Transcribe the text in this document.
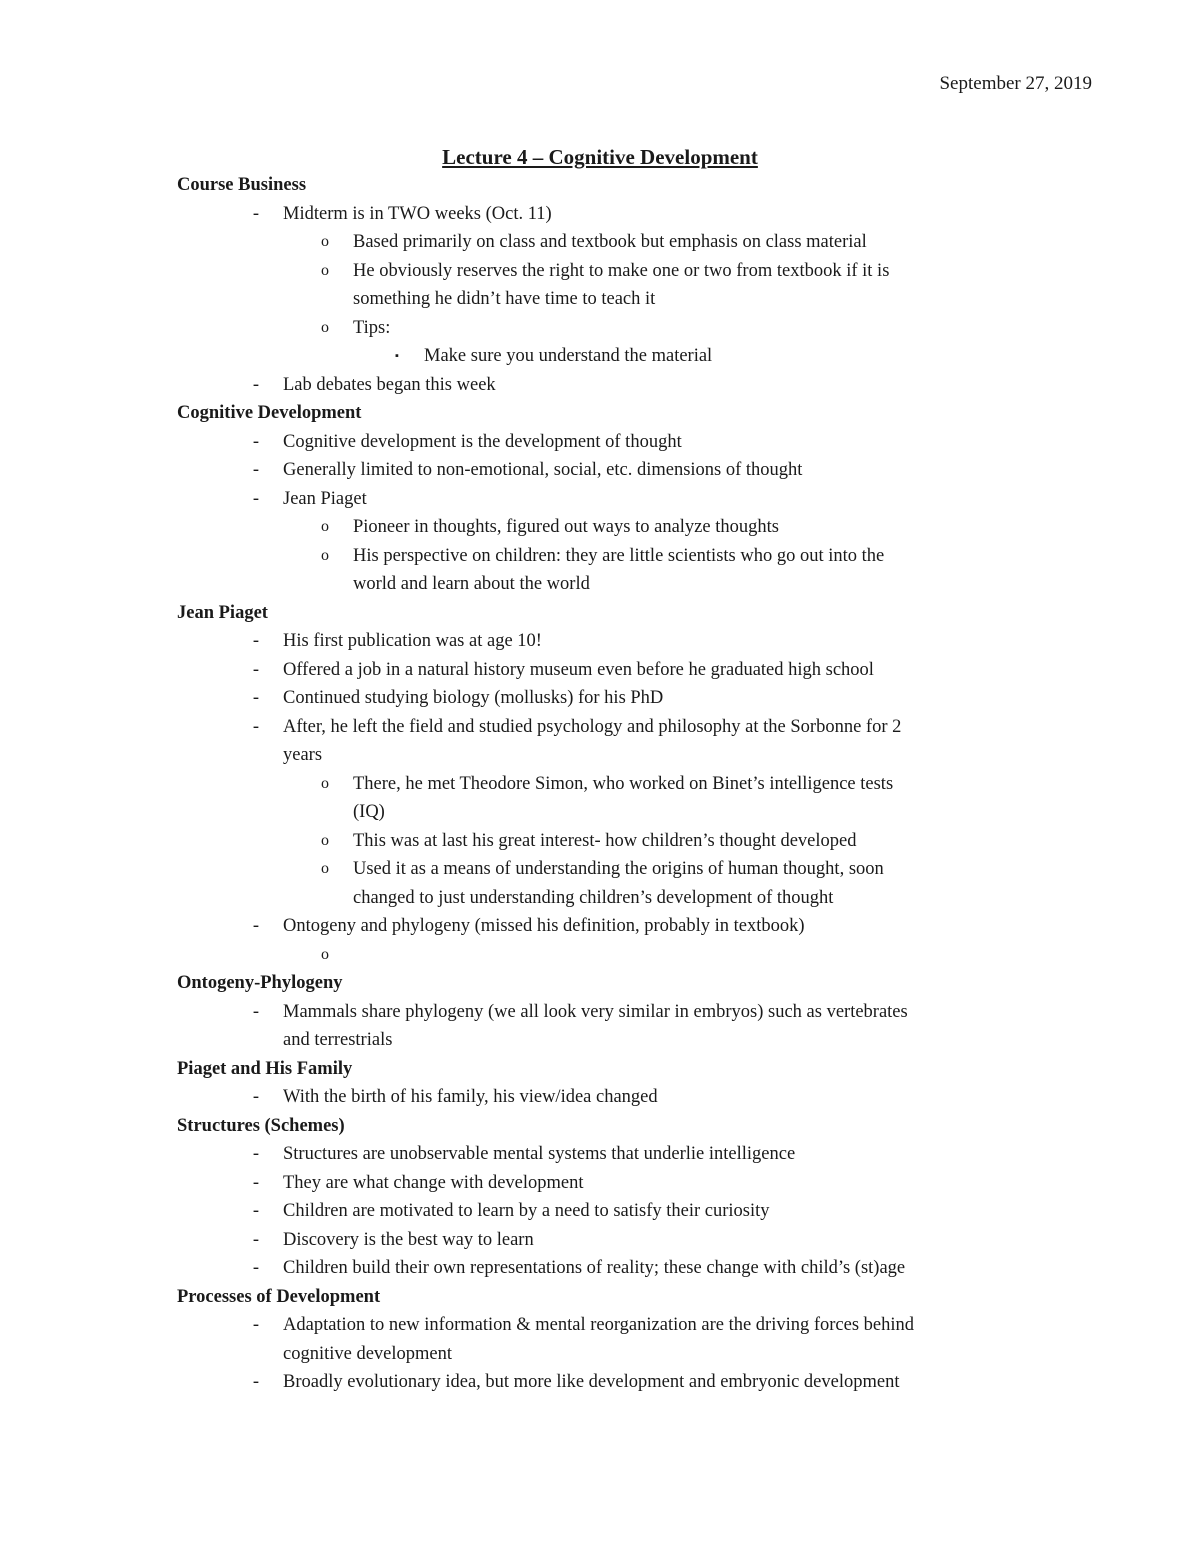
September 27, 2019
Lecture 4 – Cognitive Development
Course Business
- Midterm is in TWO weeks (Oct. 11)
o Based primarily on class and textbook but emphasis on class material
o He obviously reserves the right to make one or two from textbook if it is
something he didn’t have time to teach it
o Tips:
▪ Make sure you understand the material
- Lab debates began this week
Cognitive Development
- Cognitive development is the development of thought
- Generally limited to non-emotional, social, etc. dimensions of thought
- Jean Piaget
o Pioneer in thoughts, figured out ways to analyze thoughts
o His perspective on children: they are little scientists who go out into the
world and learn about the world
Jean Piaget
- His first publication was at age 10!
- Offered a job in a natural history museum even before he graduated high school
- Continued studying biology (mollusks) for his PhD
- After, he left the field and studied psychology and philosophy at the Sorbonne for 2
years
o There, he met Theodore Simon, who worked on Binet’s intelligence tests
(IQ)
o This was at last his great interest- how children’s thought developed
o Used it as a means of understanding the origins of human thought, soon
changed to just understanding children’s development of thought
- Ontogeny and phylogeny (missed his definition, probably in textbook)
o

Ontogeny-Phylogeny
- Mammals share phylogeny (we all look very similar in embryos) such as vertebrates
and terrestrials
Piaget and His Family
- With the birth of his family, his view/idea changed
Structures (Schemes)
- Structures are unobservable mental systems that underlie intelligence
- They are what change with development
- Children are motivated to learn by a need to satisfy their curiosity
- Discovery is the best way to learn
- Children build their own representations of reality; these change with child’s (st)age
Processes of Development
- Adaptation to new information & mental reorganization are the driving forces behind
cognitive development
- Broadly evolutionary idea, but more like development and embryonic development
